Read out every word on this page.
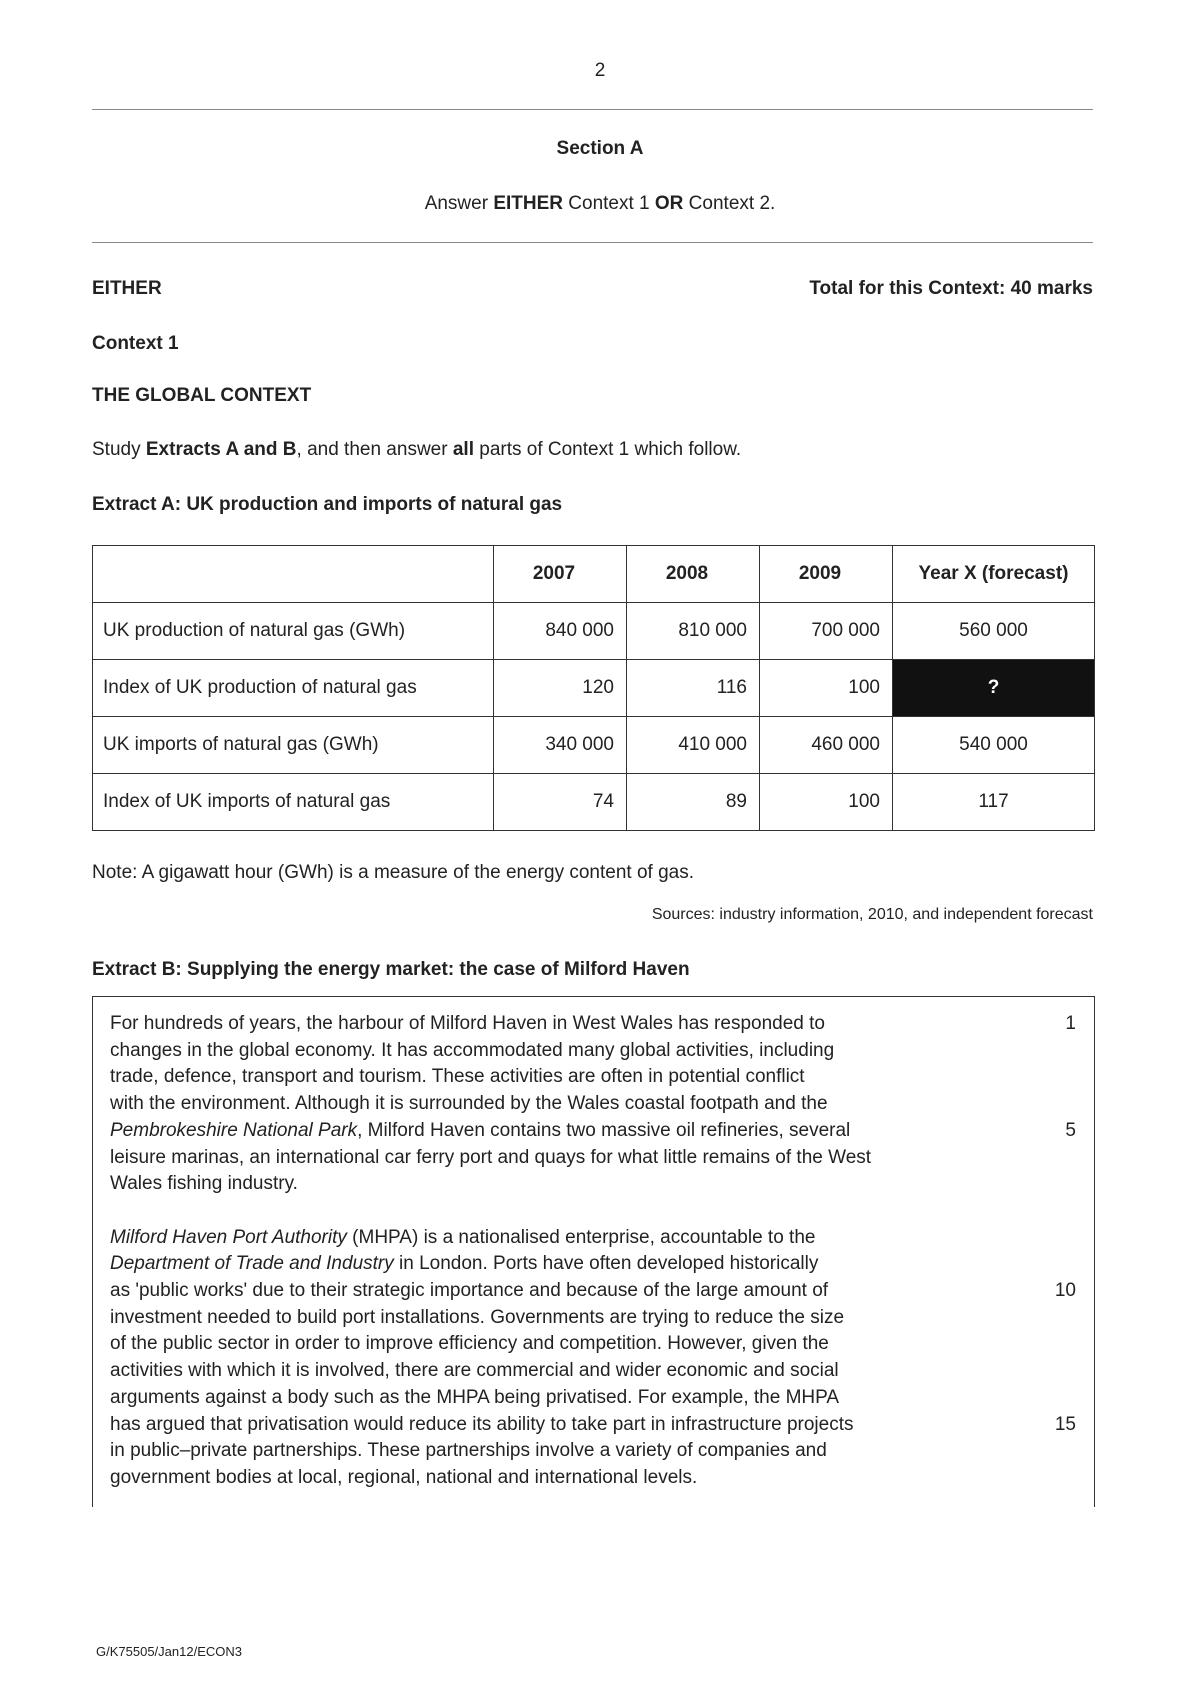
2
Section A
Answer EITHER Context 1 OR Context 2.
EITHER	Total for this Context: 40 marks
Context 1
THE GLOBAL CONTEXT
Study Extracts A and B, and then answer all parts of Context 1 which follow.
Extract A: UK production and imports of natural gas
	2007	2008	2009	Year X (forecast)
UK production of natural gas (GWh)	840 000	810 000	700 000	560 000
Index of UK production of natural gas	120	116	100	?
UK imports of natural gas (GWh)	340 000	410 000	460 000	540 000
Index of UK imports of natural gas	74	89	100	117
Note: A gigawatt hour (GWh) is a measure of the energy content of gas.
Sources: industry information, 2010, and independent forecast
Extract B: Supplying the energy market: the case of Milford Haven
For hundreds of years, the harbour of Milford Haven in West Wales has responded to	1
changes in the global economy. It has accommodated many global activities, including
trade, defence, transport and tourism. These activities are often in potential conflict
with the environment. Although it is surrounded by the Wales coastal footpath and the
Pembrokeshire National Park, Milford Haven contains two massive oil refineries, several	5
leisure marinas, an international car ferry port and quays for what little remains of the West
Wales fishing industry.
Milford Haven Port Authority (MHPA) is a nationalised enterprise, accountable to the
Department of Trade and Industry in London. Ports have often developed historically
as 'public works' due to their strategic importance and because of the large amount of	10
investment needed to build port installations. Governments are trying to reduce the size
of the public sector in order to improve efficiency and competition. However, given the
activities with which it is involved, there are commercial and wider economic and social
arguments against a body such as the MHPA being privatised. For example, the MHPA
has argued that privatisation would reduce its ability to take part in infrastructure projects	15
in public–private partnerships. These partnerships involve a variety of companies and
government bodies at local, regional, national and international levels.
G/K75505/Jan12/ECON3
